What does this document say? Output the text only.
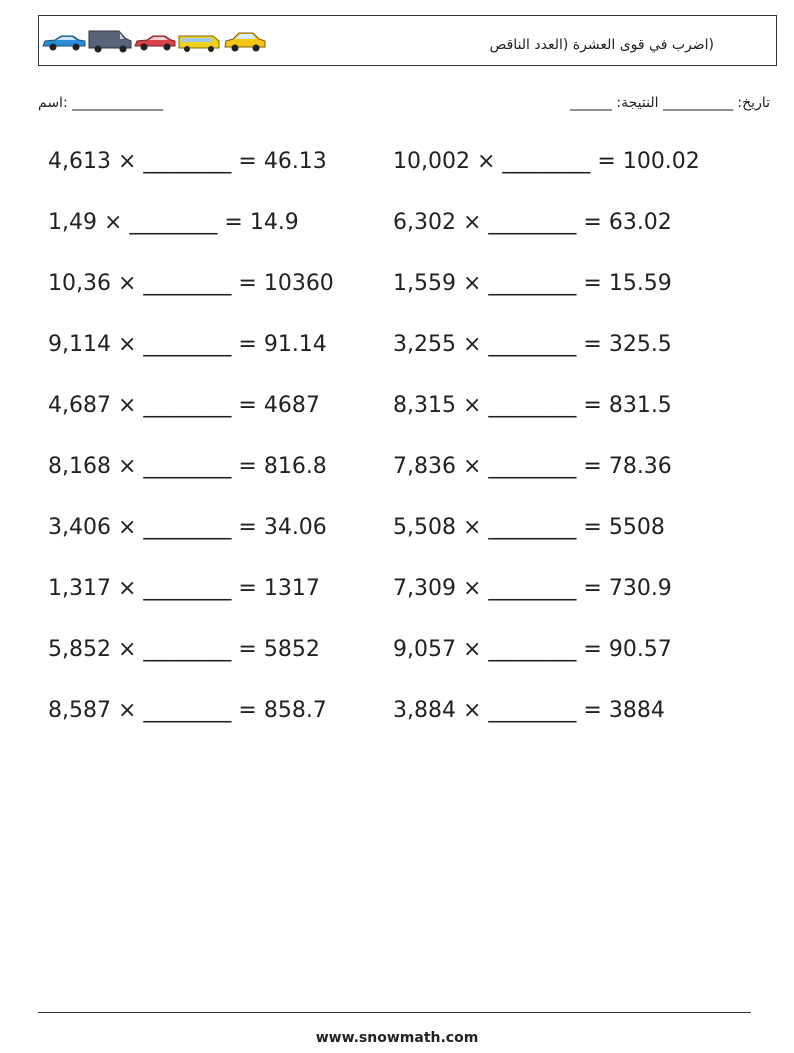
(اضرب في قوى العشرة (العدد الناقص
اسم: _____________	______ :تاريخ: __________ النتيجة
4,613 × ________ = 46.13
1,49 × ________ = 14.9
10,36 × ________ = 10360
9,114 × ________ = 91.14
4,687 × ________ = 4687
8,168 × ________ = 816.8
3,406 × ________ = 34.06
1,317 × ________ = 1317
5,852 × ________ = 5852
8,587 × ________ = 858.7
10,002 × ________ = 100.02
6,302 × ________ = 63.02
1,559 × ________ = 15.59
3,255 × ________ = 325.5
8,315 × ________ = 831.5
7,836 × ________ = 78.36
5,508 × ________ = 5508
7,309 × ________ = 730.9
9,057 × ________ = 90.57
3,884 × ________ = 3884
www.snowmath.com
